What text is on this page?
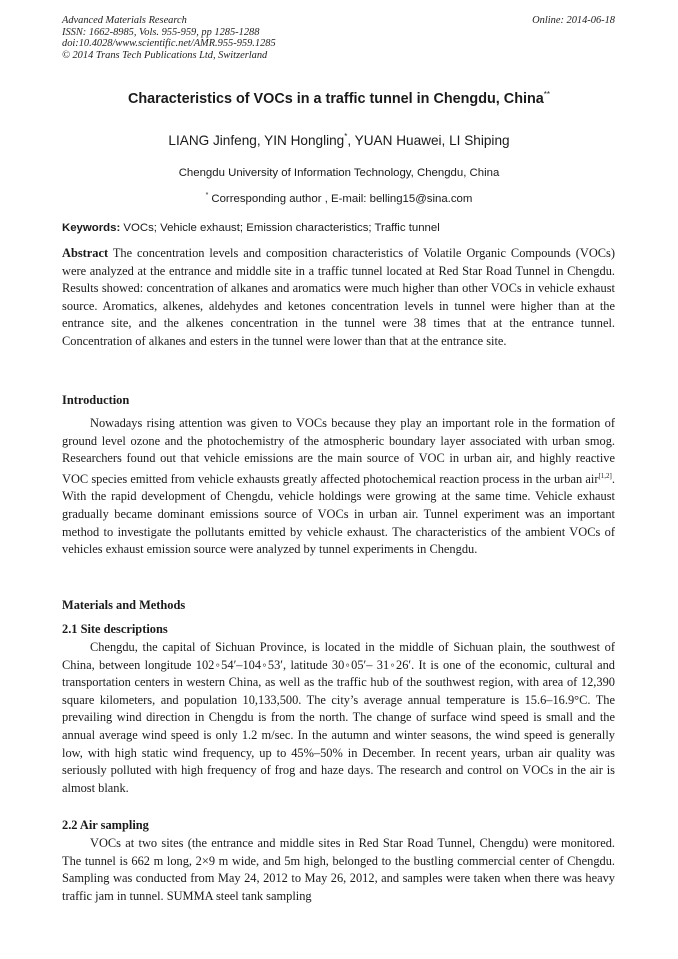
Advanced Materials Research
ISSN: 1662-8985, Vols. 955-959, pp 1285-1288
doi:10.4028/www.scientific.net/AMR.955-959.1285
© 2014 Trans Tech Publications Ltd, Switzerland
Online: 2014-06-18
Characteristics of VOCs in a traffic tunnel in Chengdu, China**
LIANG Jinfeng, YIN Hongling*, YUAN Huawei, LI Shiping
Chengdu University of Information Technology, Chengdu, China
* Corresponding author , E-mail: belling15@sina.com
Keywords: VOCs; Vehicle exhaust; Emission characteristics; Traffic tunnel

Abstract The concentration levels and composition characteristics of Volatile Organic Compounds (VOCs) were analyzed at the entrance and middle site in a traffic tunnel located at Red Star Road Tunnel in Chengdu. Results showed: concentration of alkanes and aromatics were much higher than other VOCs in vehicle exhaust source. Aromatics, alkenes, aldehydes and ketones concentration levels in tunnel were higher than at the entrance site, and the alkenes concentration in the tunnel were 38 times that at the entrance tunnel. Concentration of alkanes and esters in the tunnel were lower than that at the entrance site.

Introduction

Nowadays rising attention was given to VOCs because they play an important role in the formation of ground level ozone and the photochemistry of the atmospheric boundary layer associated with urban smog. Researchers found out that vehicle emissions are the main source of VOC in urban air, and highly reactive VOC species emitted from vehicle exhausts greatly affected photochemical reaction process in the urban air[1,2]. With the rapid development of Chengdu, vehicle holdings were growing at the same time. Vehicle exhaust gradually became dominant emissions source of VOCs in urban air. Tunnel experiment was an important method to investigate the pollutants emitted by vehicle exhaust. The characteristics of the ambient VOCs of vehicles exhaust emission source were analyzed by tunnel experiments in Chengdu.

Materials and Methods
2.1 Site descriptions

Chengdu, the capital of Sichuan Province, is located in the middle of Sichuan plain, the southwest of China, between longitude 102◦54′–104◦53′, latitude 30◦05′– 31◦26′. It is one of the economic, cultural and transportation centers in western China, as well as the traffic hub of the southwest region, with area of 12,390 square kilometers, and population 10,133,500. The city’s average annual temperature is 15.6–16.9°C. The prevailing wind direction in Chengdu is from the north. The change of surface wind speed is small and the annual average wind speed is only 1.2 m/sec. In the autumn and winter seasons, the wind speed is generally low, with high static wind frequency, up to 45%–50% in December. In recent years, urban air quality was seriously polluted with high frequency of frog and haze days. The research and control on VOCs in the air is almost blank.

2.2 Air sampling

VOCs at two sites (the entrance and middle sites in Red Star Road Tunnel, Chengdu) were monitored. The tunnel is 662 m long, 2×9 m wide, and 5m high, belonged to the bustling commercial center of Chengdu. Sampling was conducted from May 24, 2012 to May 26, 2012, and samples were taken when there was heavy traffic jam in tunnel. SUMMA steel tank sampling
